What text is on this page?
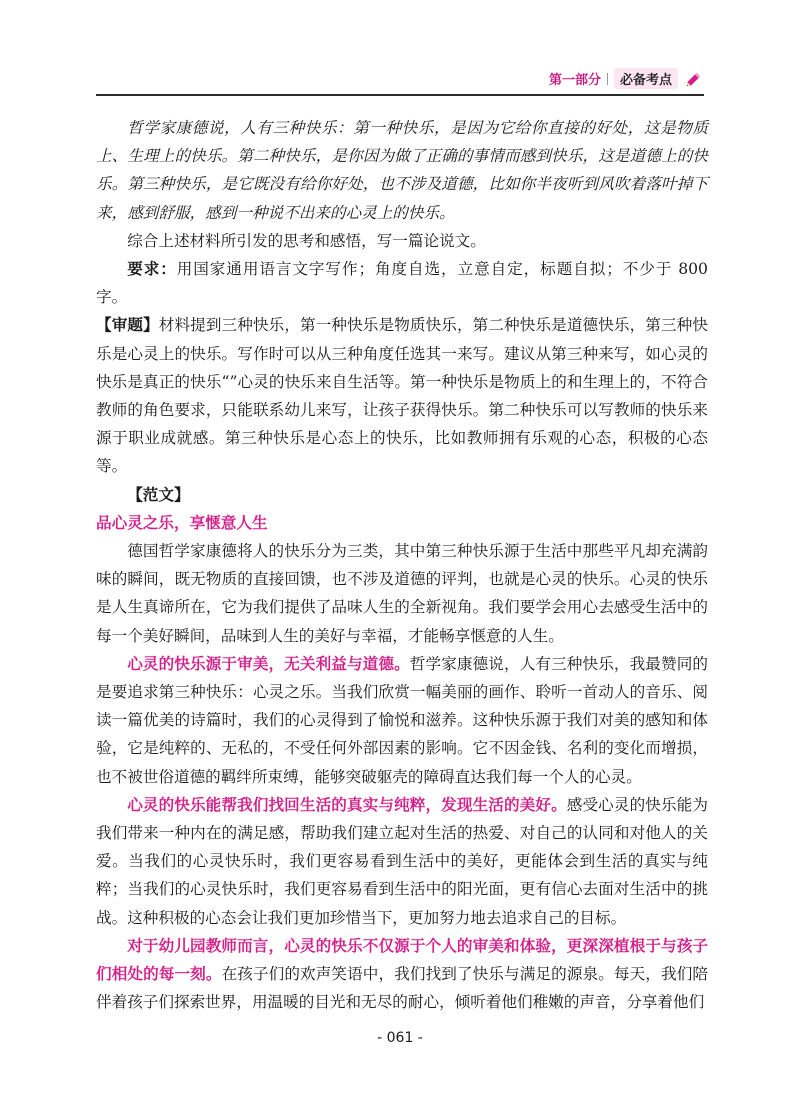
第一部分	必备考点

哲学家康德说，人有三种快乐：第一种快乐，是因为它给你直接的好处，这是物质上、生理上的快乐。第二种快乐，是你因为做了正确的事情而感到快乐，这是道德上的快乐。第三种快乐，是它既没有给你好处，也不涉及道德，比如你半夜听到风吹着落叶掉下来，感到舒服，感到一种说不出来的心灵上的快乐。

综合上述材料所引发的思考和感悟，写一篇论说文。

要求：用国家通用语言文字写作；角度自选，立意自定，标题自拟；不少于 800 字。

【审题】材料提到三种快乐，第一种快乐是物质快乐，第二种快乐是道德快乐，第三种快乐是心灵上的快乐。写作时可以从三种角度任选其一来写。建议从第三种来写，如心灵的快乐是真正的快乐“”心灵的快乐来自生活等。第一种快乐是物质上的和生理上的，不符合教师的角色要求，只能联系幼儿来写，让孩子获得快乐。第二种快乐可以写教师的快乐来源于职业成就感。第三种快乐是心态上的快乐，比如教师拥有乐观的心态，积极的心态等。

【范文】

品心灵之乐，享惬意人生

德国哲学家康德将人的快乐分为三类，其中第三种快乐源于生活中那些平凡却充满韵味的瞬间，既无物质的直接回馈，也不涉及道德的评判，也就是心灵的快乐。心灵的快乐是人生真谛所在，它为我们提供了品味人生的全新视角。我们要学会用心去感受生活中的每一个美好瞬间，品味到人生的美好与幸福，才能畅享惬意的人生。

心灵的快乐源于审美，无关利益与道德。哲学家康德说，人有三种快乐，我最赞同的是要追求第三种快乐：心灵之乐。当我们欣赏一幅美丽的画作、聆听一首动人的音乐、阅读一篇优美的诗篇时，我们的心灵得到了愉悦和滋养。这种快乐源于我们对美的感知和体验，它是纯粹的、无私的，不受任何外部因素的影响。它不因金钱、名利的变化而增损，也不被世俗道德的羁绊所束缚，能够突破躯壳的障碍直达我们每一个人的心灵。

心灵的快乐能帮我们找回生活的真实与纯粹，发现生活的美好。感受心灵的快乐能为我们带来一种内在的满足感，帮助我们建立起对生活的热爱、对自己的认同和对他人的关爱。当我们的心灵快乐时，我们更容易看到生活中的美好，更能体会到生活的真实与纯粹；当我们的心灵快乐时，我们更容易看到生活中的阳光面，更有信心去面对生活中的挑战。这种积极的心态会让我们更加珍惜当下，更加努力地去追求自己的目标。

对于幼儿园教师而言，心灵的快乐不仅源于个人的审美和体验，更深深植根于与孩子们相处的每一刻。在孩子们的欢声笑语中，我们找到了快乐与满足的源泉。每天，我们陪伴着孩子们探索世界，用温暖的目光和无尽的耐心，倾听着他们稚嫩的声音，分享着他们

- 061 -
